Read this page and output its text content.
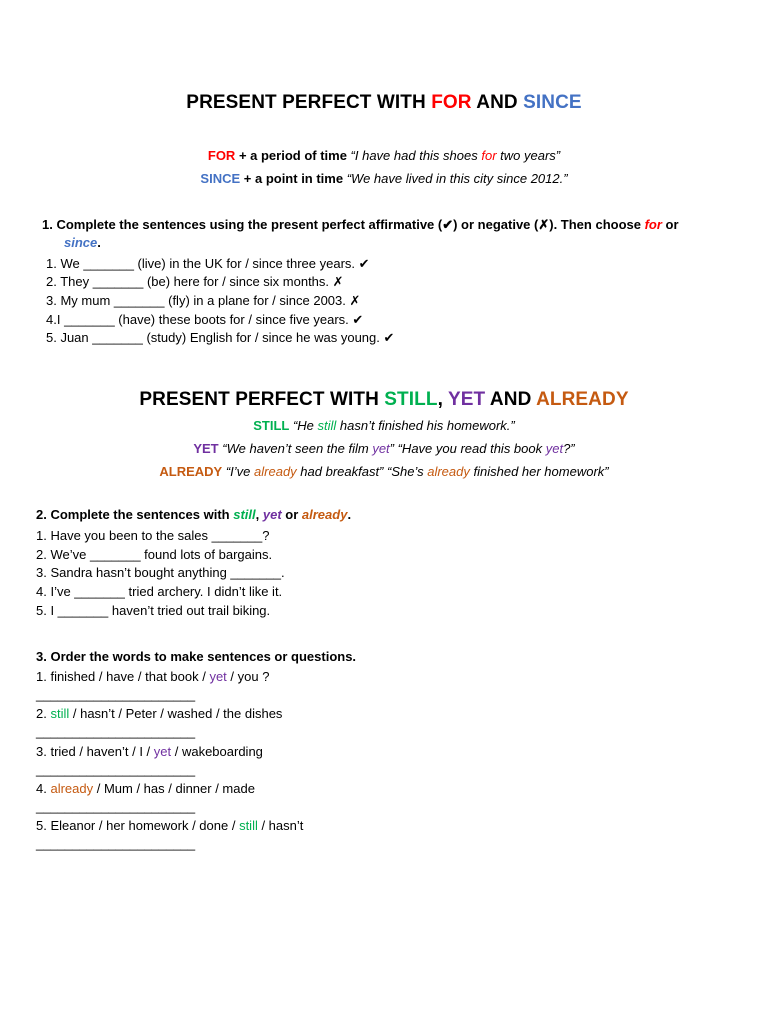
PRESENT PERFECT WITH FOR AND SINCE
FOR + a period of time “I have had this shoes for two years”
SINCE + a point in time “We have lived in this city since 2012.”
1. Complete the sentences using the present perfect affirmative (✔) or negative (✗). Then choose for or
since.
1. We _______ (live) in the UK for / since three years. ✔
2. They _______ (be) here for / since six months. ✗
3. My mum _______ (fly) in a plane for / since 2003. ✗
4.I _______ (have) these boots for / since five years. ✔
5. Juan _______ (study) English for / since he was young. ✔
PRESENT PERFECT WITH STILL, YET AND ALREADY
STILL “He still hasn’t finished his homework.”
YET “We haven’t seen the film yet” “Have you read this book yet?”
ALREADY “I’ve already had breakfast” “She’s already finished her homework”
2. Complete the sentences with still, yet or already.
1. Have you been to the sales _______?
2. We’ve _______ found lots of bargains.
3. Sandra hasn’t bought anything _______.
4. I’ve _______ tried archery. I didn’t like it.
5. I _______ haven’t tried out trail biking.
3. Order the words to make sentences or questions.
1. finished / have / that book / yet / you ?
______________________
2. still / hasn’t / Peter / washed / the dishes
______________________
3. tried / haven’t / I / yet / wakeboarding
______________________
4. already / Mum / has / dinner / made
______________________
5. Eleanor / her homework / done / still / hasn’t
______________________
